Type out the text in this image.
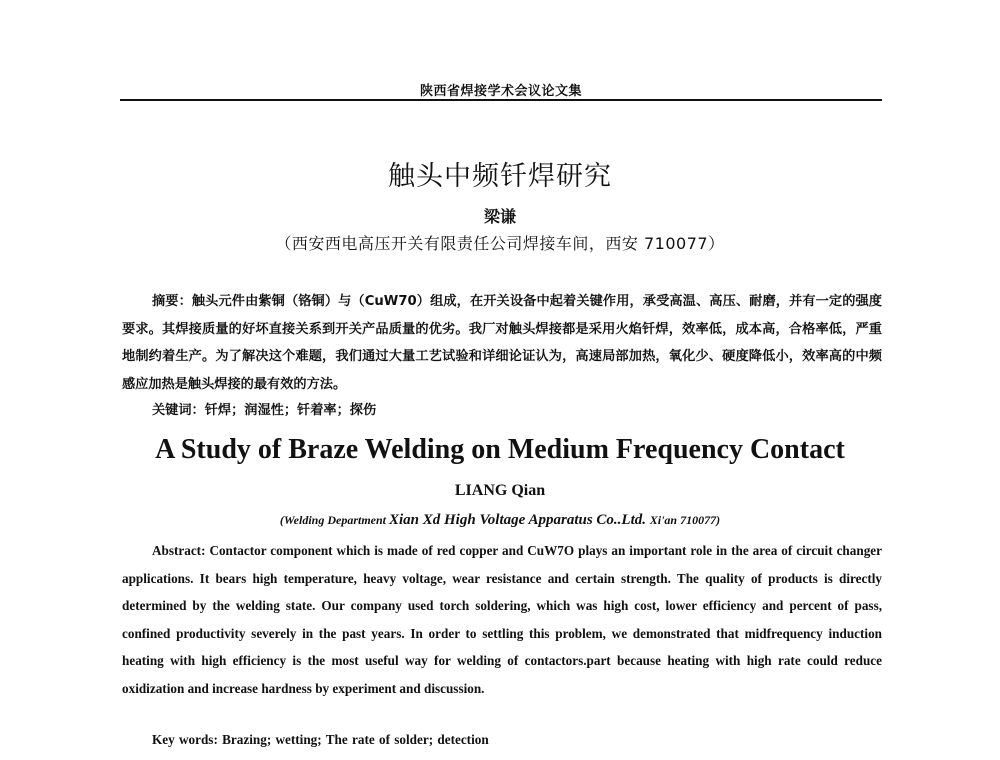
陕西省焊接学术会议论文集
触头中频钎焊研究
梁谦
（西安西电高压开关有限责任公司焊接车间，西安 710077）

摘要：触头元件由紫铜（铬铜）与（CuW70）组成，在开关设备中起着关键作用，承受高温、高压、耐磨，并有一定的强度要求。其焊接质量的好坏直接关系到开关产品质量的优劣。我厂对触头焊接都是采用火焰钎焊，效率低，成本高，合格率低，严重地制约着生产。为了解决这个难题，我们通过大量工艺试验和详细论证认为，高速局部加热，氧化少、硬度降低小，效率高的中频感应加热是触头焊接的最有效的方法。

关键词：钎焊；润湿性；钎着率；探伤
A Study of Braze Welding on Medium Frequency Contact
LIANG Qian
(Welding Department Xian Xd High Voltage Apparatus Co..Ltd. Xi'an 710077)

Abstract: Contactor component which is made of red copper and CuW7O plays an important role in the area of circuit changer applications. It bears high temperature, heavy voltage, wear resistance and certain strength. The quality of products is directly determined by the welding state. Our company used torch soldering, which was high cost, lower efficiency and percent of pass, confined productivity severely in the past years. In order to settling this problem, we demonstrated that midfrequency induction heating with high efficiency is the most useful way for welding of contactors.part because heating with high rate could reduce oxidization and increase hardness by experiment and discussion.

Key words: Brazing; wetting; The rate of solder; detection
